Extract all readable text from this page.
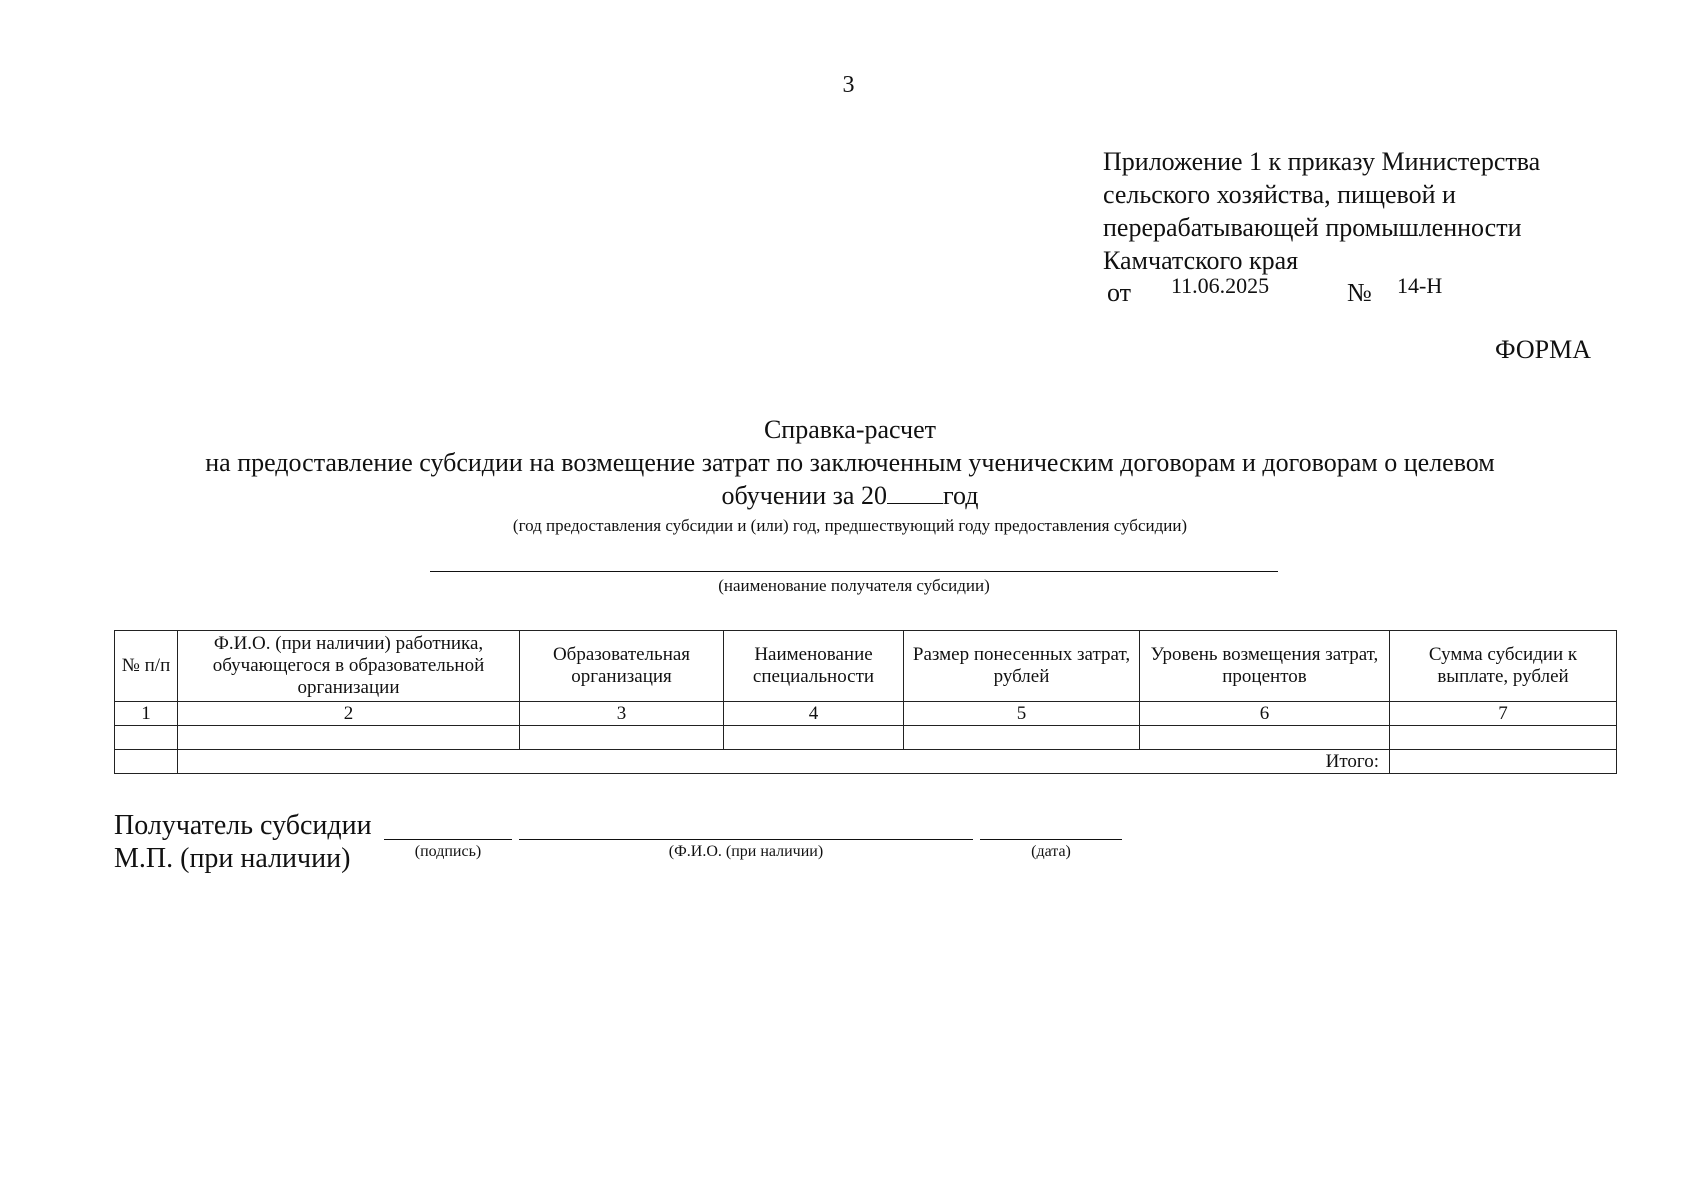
3
Приложение 1 к приказу Министерства
сельского хозяйства, пищевой и
перерабатывающей промышленности
Камчатского края
от 11.06.2025	№ 14-Н
ФОРМА
Справка-расчет
на предоставление субсидии на возмещение затрат по заключенным ученическим договорам и договорам о целевом
обучении за 20 год
(год предоставления субсидии и (или) год, предшествующий году предоставления субсидии)
(наименование получателя субсидии)
№ п/п	Ф.И.О. (при наличии) работника, обучающегося в образовательной организации	Образовательная организация	Наименование специальности	Размер понесенных затрат, рублей	Уровень возмещения затрат, процентов	Сумма субсидии к выплате, рублей
1	2	3	4	5	6	7

	Итого:					
Получатель субсидии
М.П. (при наличии)	(подпись)	(Ф.И.О. (при наличии)	(дата)
